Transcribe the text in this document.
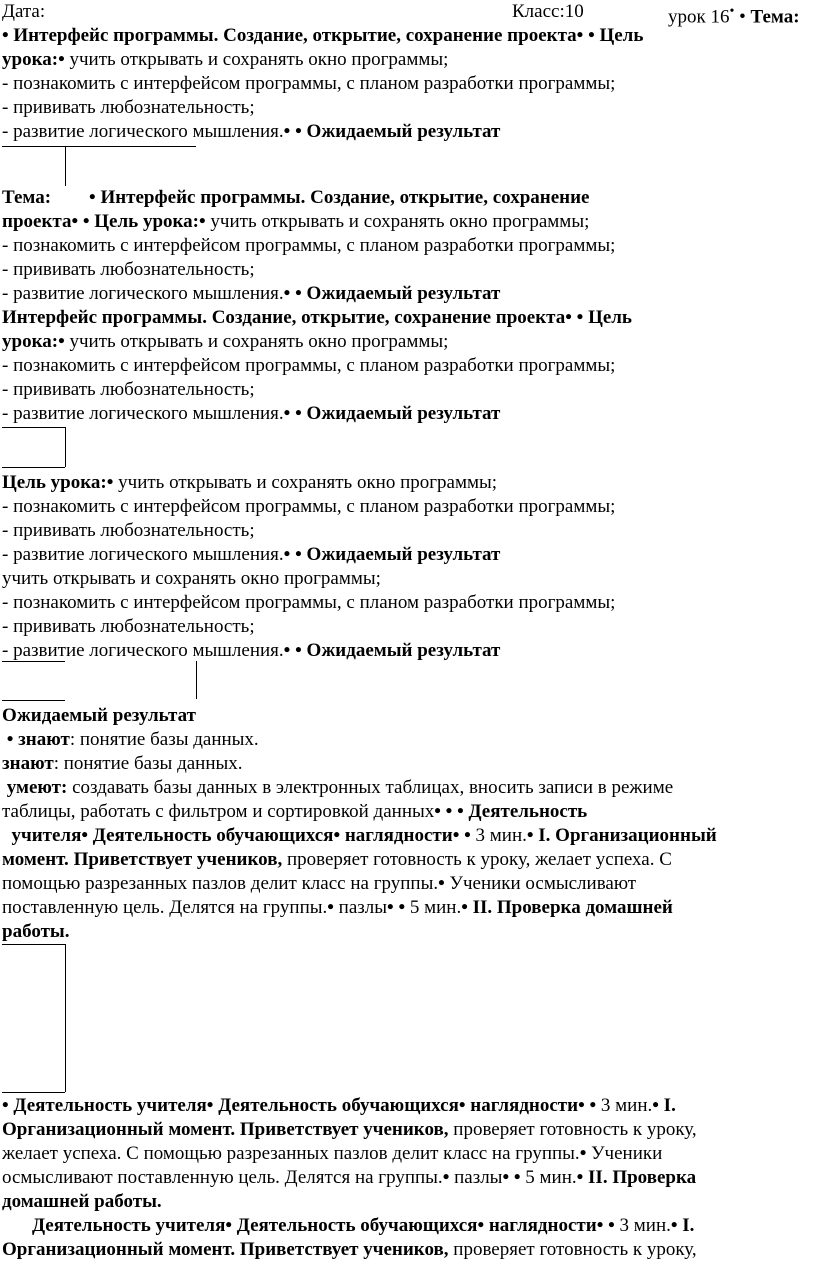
Дата:	Класс:10	урок 16• • Тема:
• Интерфейс программы. Создание, открытие, сохранение проекта• • Цель
урока:• учить открывать и сохранять окно программы;
- познакомить с интерфейсом программы, с планом разработки программы;
- прививать любознательность;
- развитие логического мышления.• • Ожидаемый результат
Тема: • Интерфейс программы. Создание, открытие, сохранение
проекта• • Цель урока:• учить открывать и сохранять окно программы;
- познакомить с интерфейсом программы, с планом разработки программы;
- прививать любознательность;
- развитие логического мышления.• • Ожидаемый результат
Интерфейс программы. Создание, открытие, сохранение проекта• • Цель
урока:• учить открывать и сохранять окно программы;
- познакомить с интерфейсом программы, с планом разработки программы;
- прививать любознательность;
- развитие логического мышления.• • Ожидаемый результат
Цель урока:• учить открывать и сохранять окно программы;
- познакомить с интерфейсом программы, с планом разработки программы;
- прививать любознательность;
- развитие логического мышления.• • Ожидаемый результат
учить открывать и сохранять окно программы;
- познакомить с интерфейсом программы, с планом разработки программы;
- прививать любознательность;
- развитие логического мышления.• • Ожидаемый результат
Ожидаемый результат
• знают: понятие базы данных.
знают: понятие базы данных.
умеют: создавать базы данных в электронных таблицах, вносить записи в режиме
таблицы, работать с фильтром и сортировкой данных• • • Деятельность
учителя• Деятельность обучающихся• наглядности• • 3 мин.• I. Организационный
момент. Приветствует учеников, проверяет готовность к уроку, желает успеха. С
помощью разрезанных пазлов делит класс на группы.• Ученики осмысливают
поставленную цель. Делятся на группы.• пазлы• • 5 мин.• II. Проверка домашней
работы.
• Деятельность учителя• Деятельность обучающихся• наглядности• • 3 мин.• I.
Организационный момент. Приветствует учеников, проверяет готовность к уроку,
желает успеха. С помощью разрезанных пазлов делит класс на группы.• Ученики
осмысливают поставленную цель. Делятся на группы.• пазлы• • 5 мин.• II. Проверка
домашней работы.
Деятельность учителя• Деятельность обучающихся• наглядности• • 3 мин.• I.
Организационный момент. Приветствует учеников, проверяет готовность к уроку,
